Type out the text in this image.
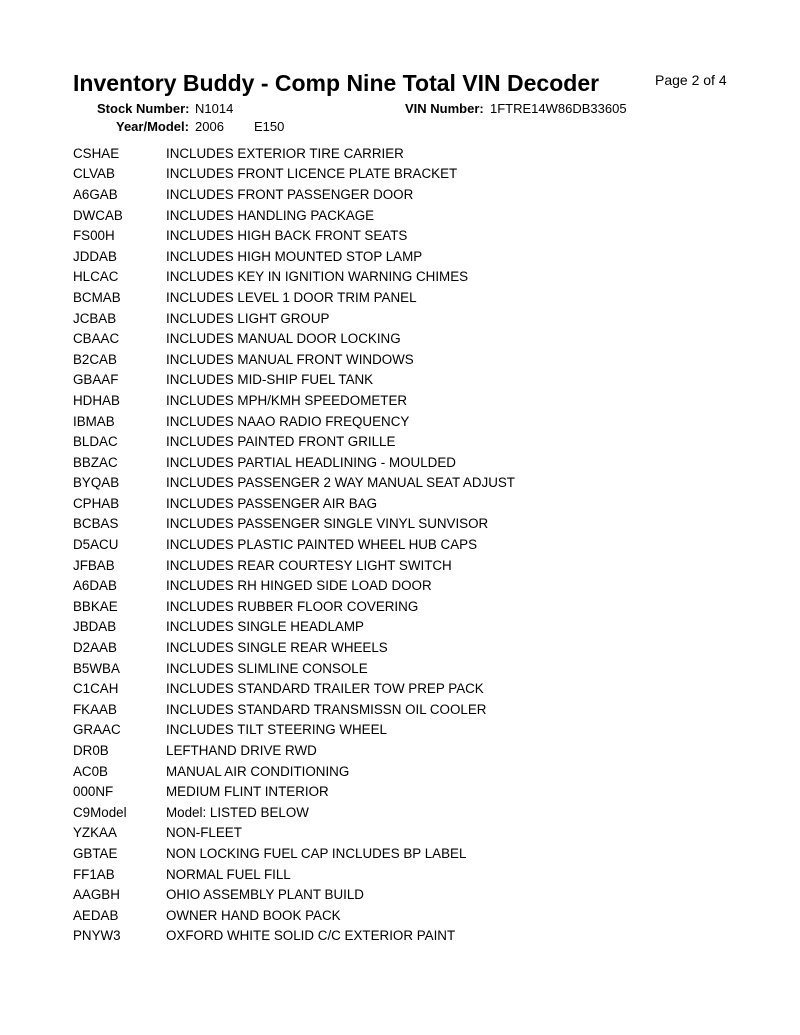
Inventory Buddy - Comp Nine Total VIN Decoder	Page 2 of 4
Stock Number: N1014	VIN Number: 1FTRE14W86DB33605
Year/Model: 2006 E150
CSHAE	INCLUDES EXTERIOR TIRE CARRIER
CLVAB	INCLUDES FRONT LICENCE PLATE BRACKET
A6GAB	INCLUDES FRONT PASSENGER DOOR
DWCAB	INCLUDES HANDLING PACKAGE
FS00H	INCLUDES HIGH BACK FRONT SEATS
JDDAB	INCLUDES HIGH MOUNTED STOP LAMP
HLCAC	INCLUDES KEY IN IGNITION WARNING CHIMES
BCMAB	INCLUDES LEVEL 1 DOOR TRIM PANEL
JCBAB	INCLUDES LIGHT GROUP
CBAAC	INCLUDES MANUAL DOOR LOCKING
B2CAB	INCLUDES MANUAL FRONT WINDOWS
GBAAF	INCLUDES MID-SHIP FUEL TANK
HDHAB	INCLUDES MPH/KMH SPEEDOMETER
IBMAB	INCLUDES NAAO RADIO FREQUENCY
BLDAC	INCLUDES PAINTED FRONT GRILLE
BBZAC	INCLUDES PARTIAL HEADLINING - MOULDED
BYQAB	INCLUDES PASSENGER 2 WAY MANUAL SEAT ADJUST
CPHAB	INCLUDES PASSENGER AIR BAG
BCBAS	INCLUDES PASSENGER SINGLE VINYL SUNVISOR
D5ACU	INCLUDES PLASTIC PAINTED WHEEL HUB CAPS
JFBAB	INCLUDES REAR COURTESY LIGHT SWITCH
A6DAB	INCLUDES RH HINGED SIDE LOAD DOOR
BBKAE	INCLUDES RUBBER FLOOR COVERING
JBDAB	INCLUDES SINGLE HEADLAMP
D2AAB	INCLUDES SINGLE REAR WHEELS
B5WBA	INCLUDES SLIMLINE CONSOLE
C1CAH	INCLUDES STANDARD TRAILER TOW PREP PACK
FKAAB	INCLUDES STANDARD TRANSMISSN OIL COOLER
GRAAC	INCLUDES TILT STEERING WHEEL
DR0B	LEFTHAND DRIVE RWD
AC0B	MANUAL AIR CONDITIONING
000NF	MEDIUM FLINT INTERIOR
C9Model	Model: LISTED BELOW
YZKAA	NON-FLEET
GBTAE	NON LOCKING FUEL CAP INCLUDES BP LABEL
FF1AB	NORMAL FUEL FILL
AAGBH	OHIO ASSEMBLY PLANT BUILD
AEDAB	OWNER HAND BOOK PACK
PNYW3	OXFORD WHITE SOLID C/C EXTERIOR PAINT
